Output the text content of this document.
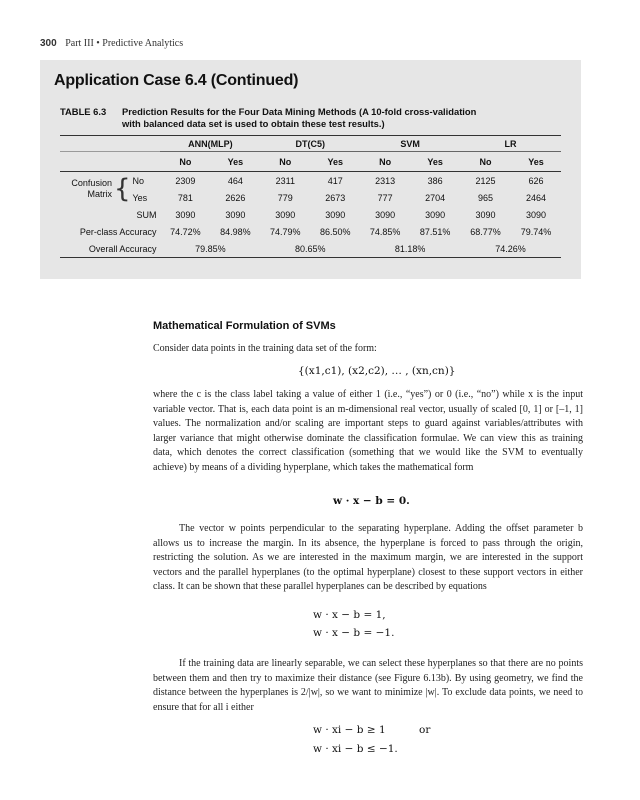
300 Part III • Predictive Analytics
Application Case 6.4 (Continued)
TABLE 6.3 Prediction Results for the Four Data Mining Methods (A 10-fold cross-validation
with balanced data set is used to obtain these test results.)
			ANN(MLP)		DT(C5)		SVM		LR	
			No	Yes	No	Yes	No	Yes	No	Yes
Confusion
Matrix	{	No	2309	464	2311	417	2313	386	2125	626
		Yes	781	2626	779	2673	777	2704	965	2464
SUM			3090	3090	3090	3090	3090	3090	3090	3090
Per-class Accuracy			74.72%	84.98%	74.79%	86.50%	74.85%	87.51%	68.77%	79.74%
Overall Accuracy			79.85%		80.65%		81.18%		74.26%	
Mathematical Formulation of SVMs
Consider data points in the training data set of the form:
{(x1,c1), (x2,c2), … , (xn,cn)}
where the c is the class label taking a value of either 1 (i.e., “yes”) or 0 (i.e., “no”) while x is the input variable vector. That is, each data point is an m-dimensional real vector, usually of scaled [0, 1] or [–1, 1] values. The normalization and/or scaling are important steps to guard against variables/attributes with larger variance that might otherwise dominate the classification formulae. We can view this as training data, which denotes the correct classification (something that we would like the SVM to eventually achieve) by means of a dividing hyperplane, which takes the mathematical form
w · x − b = 0.
The vector w points perpendicular to the separating hyperplane. Adding the offset parameter b allows us to increase the margin. In its absence, the hyperplane is forced to pass through the origin, restricting the solution. As we are interested in the maximum margin, we are interested in the support vectors and the parallel hyperplanes (to the optimal hyperplane) closest to these support vectors in either class. It can be shown that these parallel hyperplanes can be described by equations
w · x − b = 1,
w · x − b = −1.
If the training data are linearly separable, we can select these hyperplanes so that there are no points between them and then try to maximize their distance (see Figure 6.13b). By using geometry, we find the distance between the hyperplanes is 2/|w|, so we want to minimize |w|. To exclude data points, we need to ensure that for all i either
w · xi − b ≥ 1	or
w · xi − b ≤ −1.
